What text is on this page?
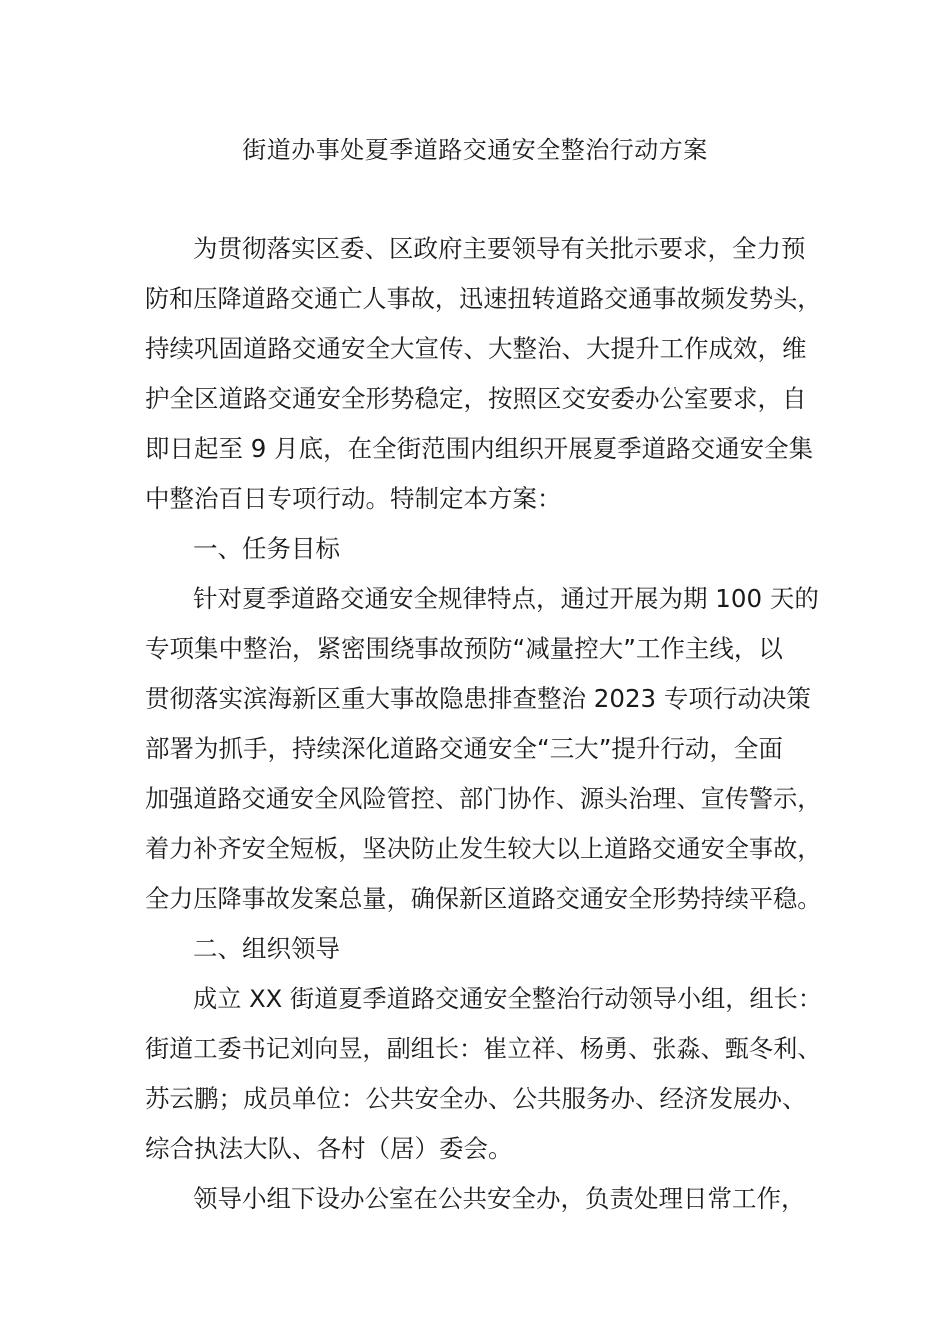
街道办事处夏季道路交通安全整治行动方案
为贯彻落实区委、区政府主要领导有关批示要求，全力预
防和压降道路交通亡人事故，迅速扭转道路交通事故频发势头，
持续巩固道路交通安全大宣传、大整治、大提升工作成效，维
护全区道路交通安全形势稳定，按照区交安委办公室要求，自
即日起至 9 月底，在全街范围内组织开展夏季道路交通安全集
中整治百日专项行动。特制定本方案：
一、任务目标
针对夏季道路交通安全规律特点，通过开展为期 100 天的
专项集中整治，紧密围绕事故预防“减量控大”工作主线，以
贯彻落实滨海新区重大事故隐患排查整治 2023 专项行动决策
部署为抓手，持续深化道路交通安全“三大”提升行动，全面
加强道路交通安全风险管控、部门协作、源头治理、宣传警示，
着力补齐安全短板，坚决防止发生较大以上道路交通安全事故，
全力压降事故发案总量，确保新区道路交通安全形势持续平稳。
二、组织领导
成立 XX 街道夏季道路交通安全整治行动领导小组，组长：
街道工委书记刘向昱，副组长：崔立祥、杨勇、张淼、甄冬利、
苏云鹏；成员单位：公共安全办、公共服务办、经济发展办、
综合执法大队、各村（居）委会。
领导小组下设办公室在公共安全办，负责处理日常工作，
